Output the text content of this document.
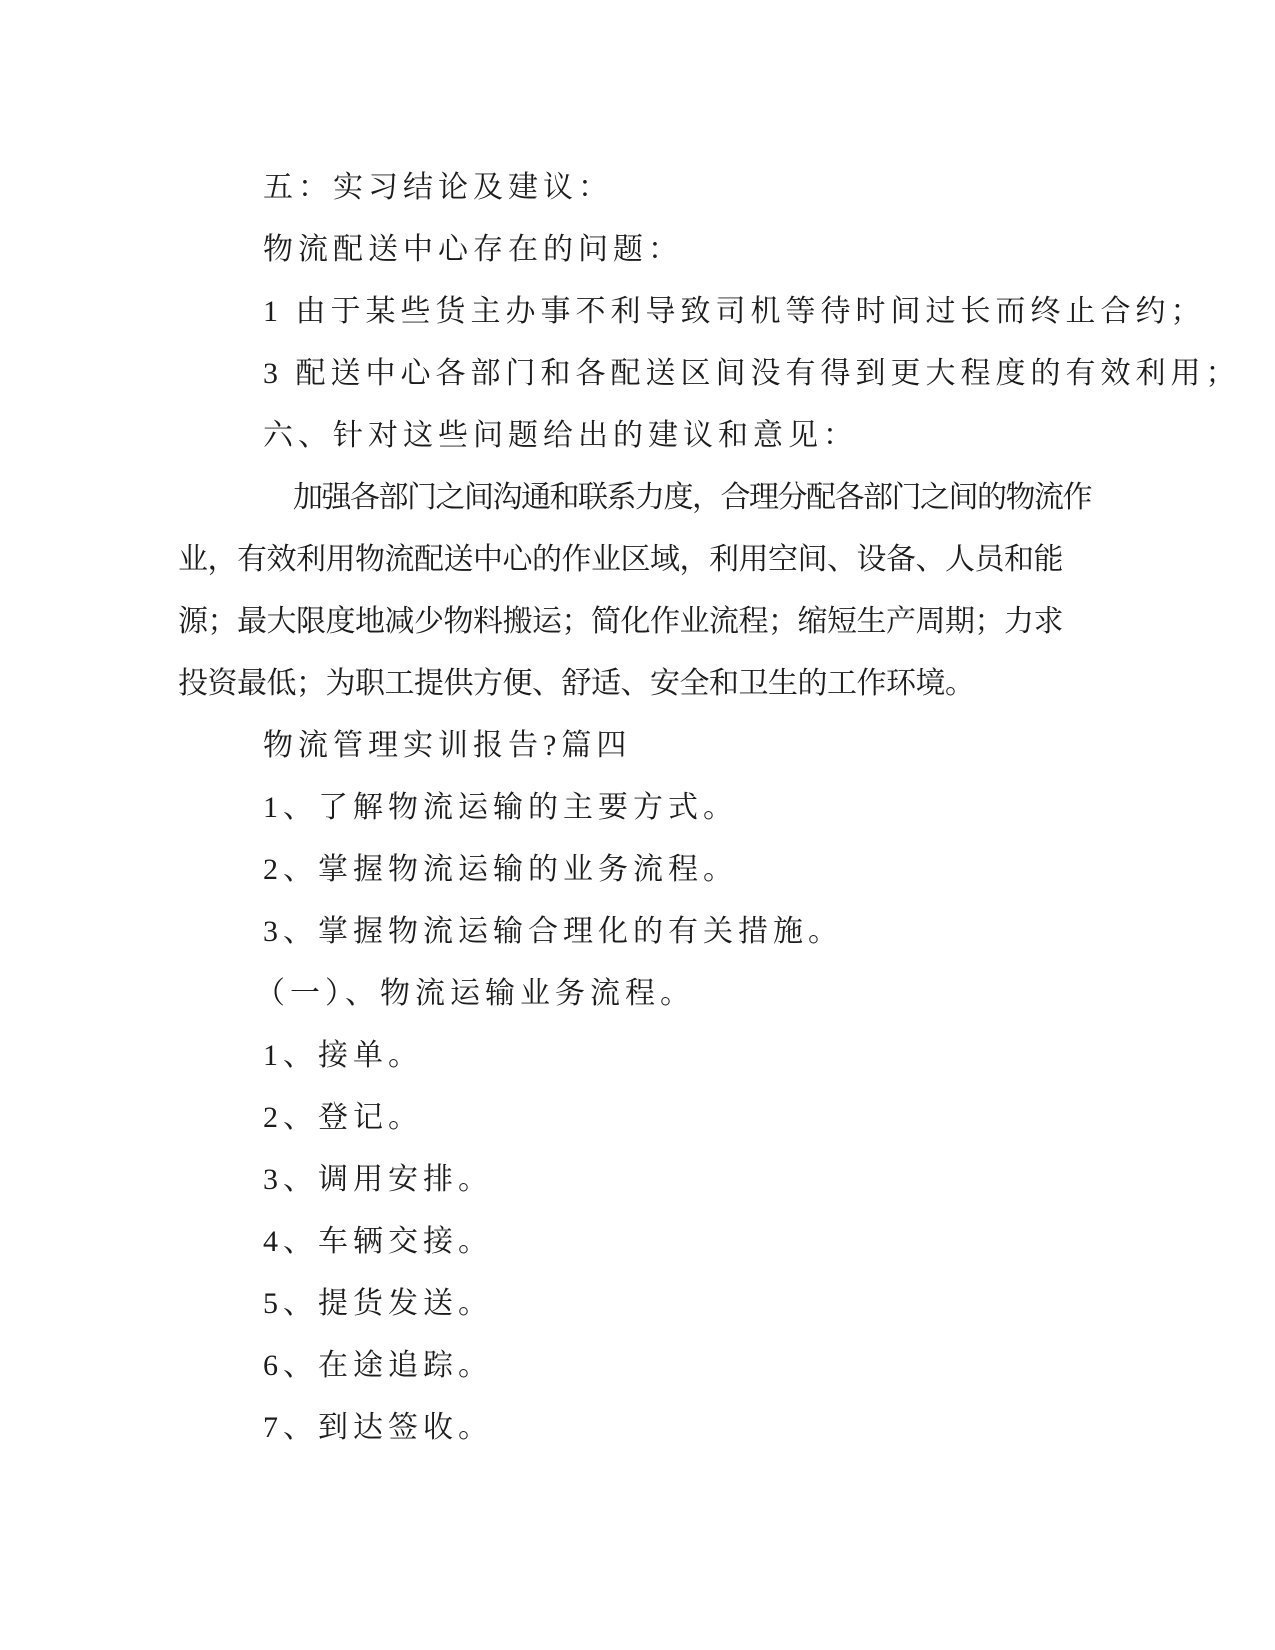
五：实习结论及建议：
物流配送中心存在的问题：
1 由于某些货主办事不利导致司机等待时间过长而终止合约；
3 配送中心各部门和各配送区间没有得到更大程度的有效利用；
六、针对这些问题给出的建议和意见：
加强各部门之间沟通和联系力度，合理分配各部门之间的物流作
业，有效利用物流配送中心的作业区域，利用空间、设备、人员和能
源；最大限度地减少物料搬运；简化作业流程；缩短生产周期；力求
投资最低；为职工提供方便、舒适、安全和卫生的工作环境。
物流管理实训报告?篇四
1、了解物流运输的主要方式。
2、掌握物流运输的业务流程。
3、掌握物流运输合理化的有关措施。
（一）、物流运输业务流程。
1、接单。
2、登记。
3、调用安排。
4、车辆交接。
5、提货发送。
6、在途追踪。
7、到达签收。
